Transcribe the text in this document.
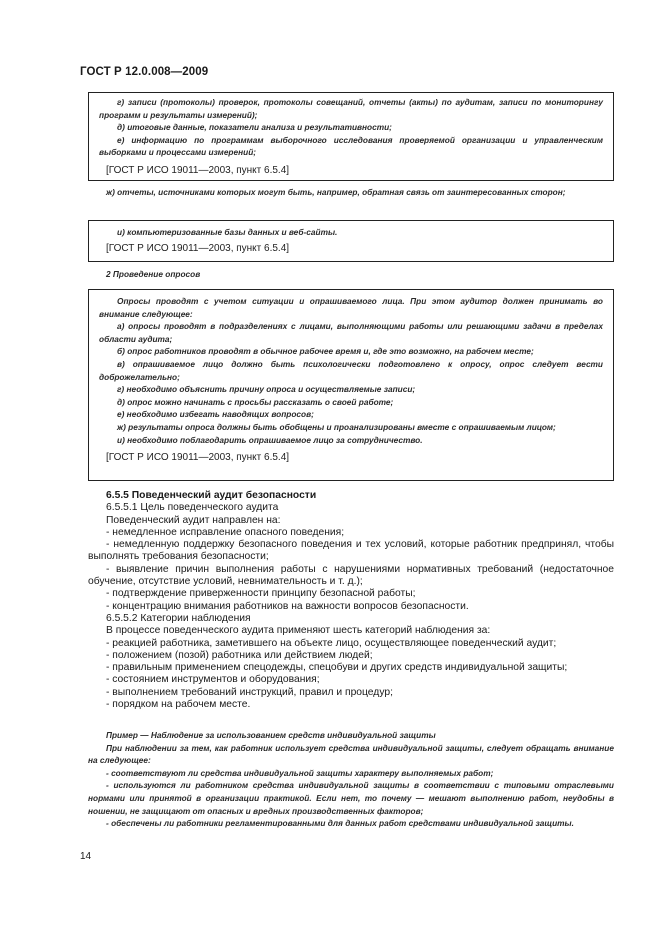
ГОСТ Р 12.0.008—2009
г) записи (протоколы) проверок, протоколы совещаний, отчеты (акты) по аудитам, записи по мониторингу программ и результаты измерений);
д) итоговые данные, показатели анализа и результативности;
е) информацию по программам выборочного исследования проверяемой организации и управленческим выборками и процессами измерений;
[ГОСТ Р ИСО 19011—2003, пункт 6.5.4]
ж) отчеты, источниками которых могут быть, например, обратная связь от заинтересованных сторон;
и) компьютеризованные базы данных и веб-сайты.
[ГОСТ Р ИСО 19011—2003, пункт 6.5.4]
2 Проведение опросов
Опросы проводят с учетом ситуации и опрашиваемого лица. При этом аудитор должен принимать во внимание следующее:
а) опросы проводят в подразделениях с лицами, выполняющими работы или решающими задачи в пределах области аудита;
б) опрос работников проводят в обычное рабочее время и, где это возможно, на рабочем месте;
в) опрашиваемое лицо должно быть психологически подготовлено к опросу, опрос следует вести доброжелательно;
г) необходимо объяснить причину опроса и осуществляемые записи;
д) опрос можно начинать с просьбы рассказать о своей работе;
е) необходимо избегать наводящих вопросов;
ж) результаты опроса должны быть обобщены и проанализированы вместе с опрашиваемым лицом;
и) необходимо поблагодарить опрашиваемое лицо за сотрудничество.
[ГОСТ Р ИСО 19011—2003, пункт 6.5.4]

6.5.5 Поведенческий аудит безопасности

6.5.5.1 Цель поведенческого аудита

Поведенческий аудит направлен на:

- немедленное исправление опасного поведения;

- немедленную поддержку безопасного поведения и тех условий, которые работник предпринял, чтобы выполнять требования безопасности;

- выявление причин выполнения работы с нарушениями нормативных требований (недостаточное обучение, отсутствие условий, невнимательность и т. д.);

- подтверждение приверженности принципу безопасной работы;

- концентрацию внимания работников на важности вопросов безопасности.

6.5.5.2 Категории наблюдения

В процессе поведенческого аудита применяют шесть категорий наблюдения за:

- реакцией работника, заметившего на объекте лицо, осуществляющее поведенческий аудит;

- положением (позой) работника или действием людей;

- правильным применением спецодежды, спецобуви и других средств индивидуальной защиты;

- состоянием инструментов и оборудования;

- выполнением требований инструкций, правил и процедур;

- порядком на рабочем месте.

Пример — Наблюдение за использованием средств индивидуальной защиты
При наблюдении за тем, как работник использует средства индивидуальной защиты, следует обращать внимание на следующее:
- соответствуют ли средства индивидуальной защиты характеру выполняемых работ;
- используются ли работником средства индивидуальной защиты в соответствии с типовыми отраслевыми нормами или принятой в организации практикой. Если нет, то почему — мешают выполнению работ, неудобны в ношении, не защищают от опасных и вредных производственных факторов;
- обеспечены ли работники регламентированными для данных работ средствами индивидуальной защиты.
14
